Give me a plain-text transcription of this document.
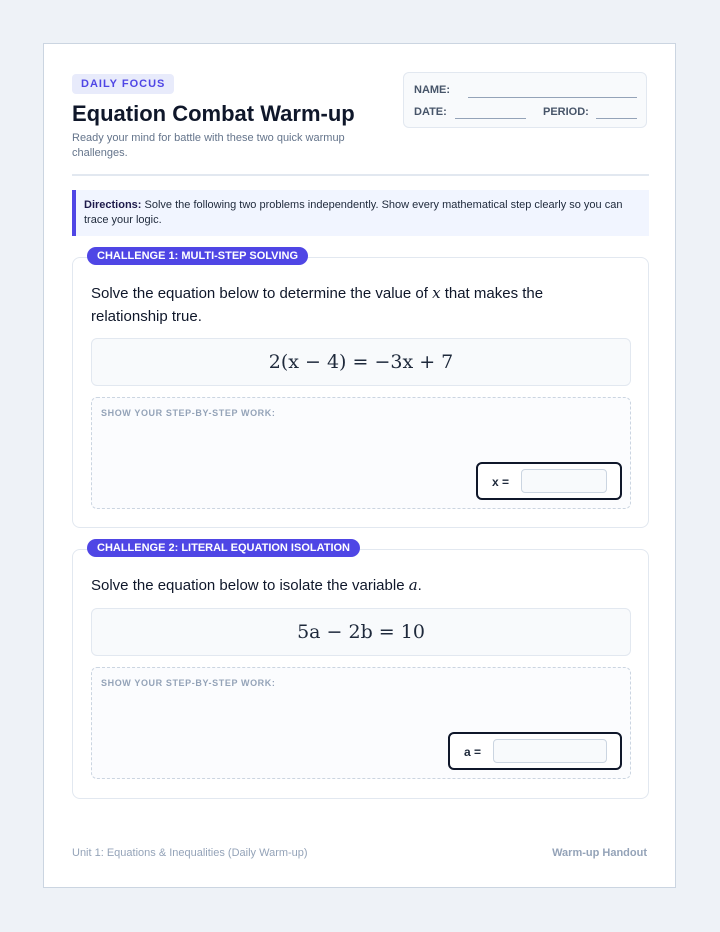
DAILY FOCUS
Equation Combat Warm-up
Ready your mind for battle with these two quick warmup challenges.
NAME:
DATE:	PERIOD:
Directions: Solve the following two problems independently. Show every mathematical step clearly so you can trace your logic.
CHALLENGE 1: MULTI-STEP SOLVING
Solve the equation below to determine the value of x that makes the relationship true.
2(x − 4) = −3x + 7
SHOW YOUR STEP-BY-STEP WORK:
x =
CHALLENGE 2: LITERAL EQUATION ISOLATION
Solve the equation below to isolate the variable a.
5a − 2b = 10
SHOW YOUR STEP-BY-STEP WORK:
a =
Unit 1: Equations & Inequalities (Daily Warm-up)	Warm-up Handout
